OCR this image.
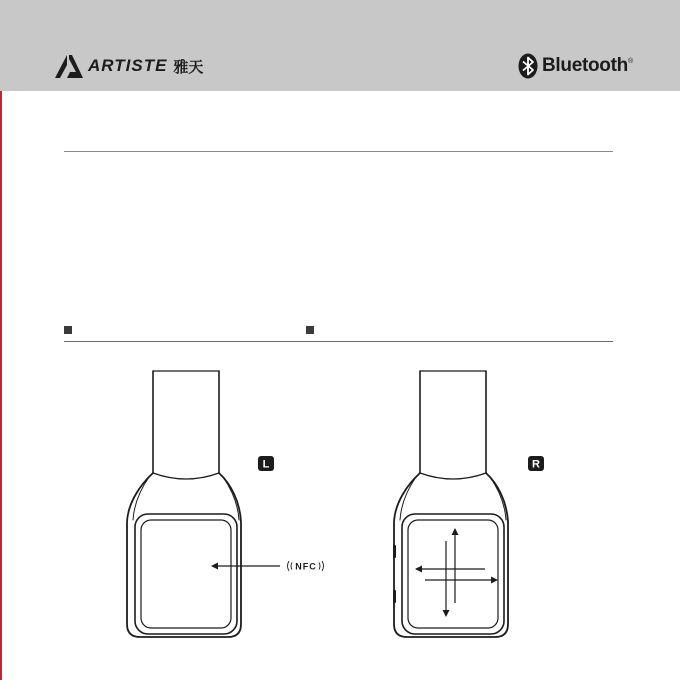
ARTISTE 雅天	Bluetooth ®
NFC
L	R
